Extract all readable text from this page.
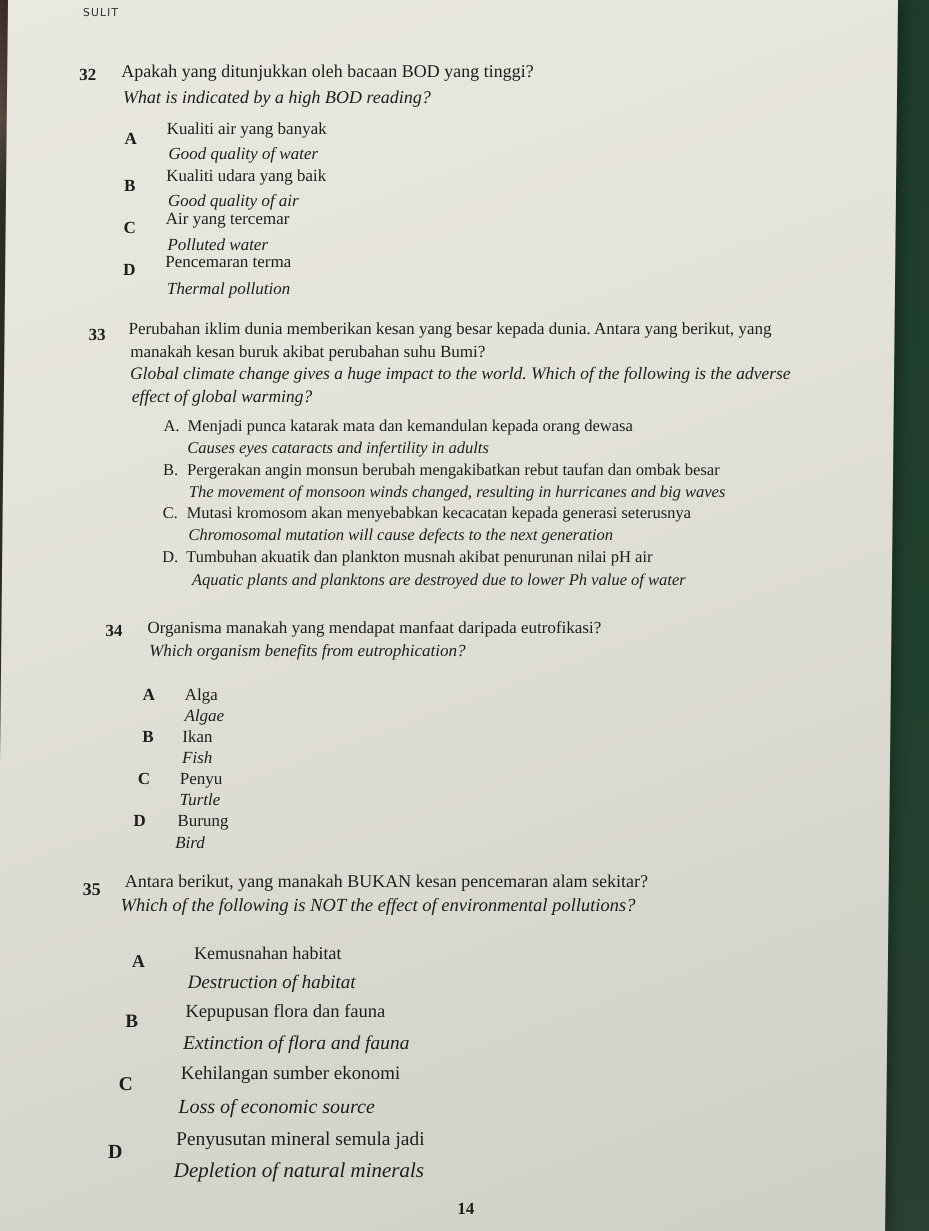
SULIT
32 Apakah yang ditunjukkan oleh bacaan BOD yang tinggi?
What is indicated by a high BOD reading?
A
Kualiti air yang banyak
Good quality of water
B
Kualiti udara yang baik
Good quality of air
C Air yang tercemar
Polluted water
D Pencemaran terma
Thermal pollution
33 Perubahan iklim dunia memberikan kesan yang besar kepada dunia. Antara yang berikut, yang
manakah kesan buruk akibat perubahan suhu Bumi?
Global climate change gives a huge impact to the world. Which of the following is the adverse
effect of global warming?
A. Menjadi punca katarak mata dan kemandulan kepada orang dewasa
Causes eyes cataracts and infertility in adults
B. Pergerakan angin monsun berubah mengakibatkan rebut taufan dan ombak besar
The movement of monsoon winds changed, resulting in hurricanes and big waves
C. Mutasi kromosom akan menyebabkan kecacatan kepada generasi seterusnya
Chromosomal mutation will cause defects to the next generation
D. Tumbuhan akuatik dan plankton musnah akibat penurunan nilai pH air
Aquatic plants and planktons are destroyed due to lower Ph value of water
34 Organisma manakah yang mendapat manfaat daripada eutrofikasi?
Which organism benefits from eutrophication?
A Alga
Algae
B Ikan
Fish
C Penyu
Turtle
D Burung
Bird
35 Antara berikut, yang manakah BUKAN kesan pencemaran alam sekitar?
Which of the following is NOT the effect of environmental pollutions?
A	Kemusnahan habitat
Destruction of habitat
B	Kepupusan flora dan fauna
Extinction of flora and fauna
C
Kehilangan sumber ekonomi
Loss of economic source
D
Penyusutan mineral semula jadi
Depletion of natural minerals
14
